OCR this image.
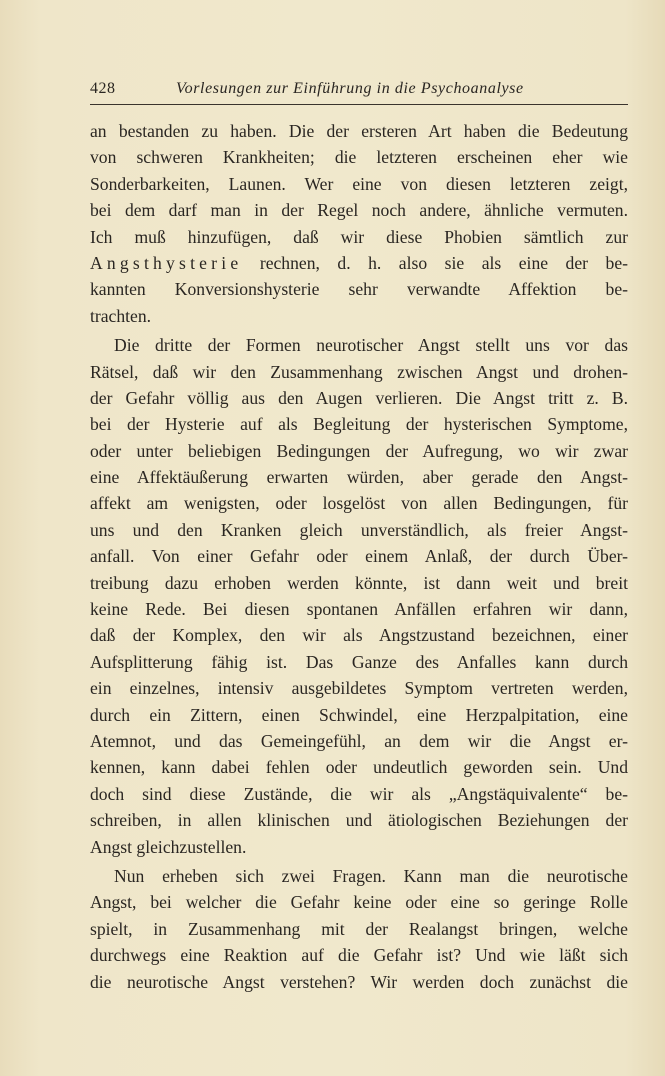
428	Vorlesungen zur Einführung in die Psychoanalyse
an bestanden zu haben. Die der ersteren Art haben die Bedeutung
von schweren Krankheiten; die letzteren erscheinen eher wie
Sonderbarkeiten, Launen. Wer eine von diesen letzteren zeigt,
bei dem darf man in der Regel noch andere, ähnliche vermuten.
Ich muß hinzufügen, daß wir diese Phobien sämtlich zur
Angsthysterie rechnen, d. h. also sie als eine der be-
kannten Konversionshysterie sehr verwandte Affektion be-
trachten.
Die dritte der Formen neurotischer Angst stellt uns vor das
Rätsel, daß wir den Zusammenhang zwischen Angst und drohen-
der Gefahr völlig aus den Augen verlieren. Die Angst tritt z. B.
bei der Hysterie auf als Begleitung der hysterischen Symptome,
oder unter beliebigen Bedingungen der Aufregung, wo wir zwar
eine Affektäußerung erwarten würden, aber gerade den Angst-
affekt am wenigsten, oder losgelöst von allen Bedingungen, für
uns und den Kranken gleich unverständlich, als freier Angst-
anfall. Von einer Gefahr oder einem Anlaß, der durch Über-
treibung dazu erhoben werden könnte, ist dann weit und breit
keine Rede. Bei diesen spontanen Anfällen erfahren wir dann,
daß der Komplex, den wir als Angstzustand bezeichnen, einer
Aufsplitterung fähig ist. Das Ganze des Anfalles kann durch
ein einzelnes, intensiv ausgebildetes Symptom vertreten werden,
durch ein Zittern, einen Schwindel, eine Herzpalpitation, eine
Atemnot, und das Gemeingefühl, an dem wir die Angst er-
kennen, kann dabei fehlen oder undeutlich geworden sein. Und
doch sind diese Zustände, die wir als „Angstäquivalente“ be-
schreiben, in allen klinischen und ätiologischen Beziehungen der
Angst gleichzustellen.
Nun erheben sich zwei Fragen. Kann man die neurotische
Angst, bei welcher die Gefahr keine oder eine so geringe Rolle
spielt, in Zusammenhang mit der Realangst bringen, welche
durchwegs eine Reaktion auf die Gefahr ist? Und wie läßt sich
die neurotische Angst verstehen? Wir werden doch zunächst die
